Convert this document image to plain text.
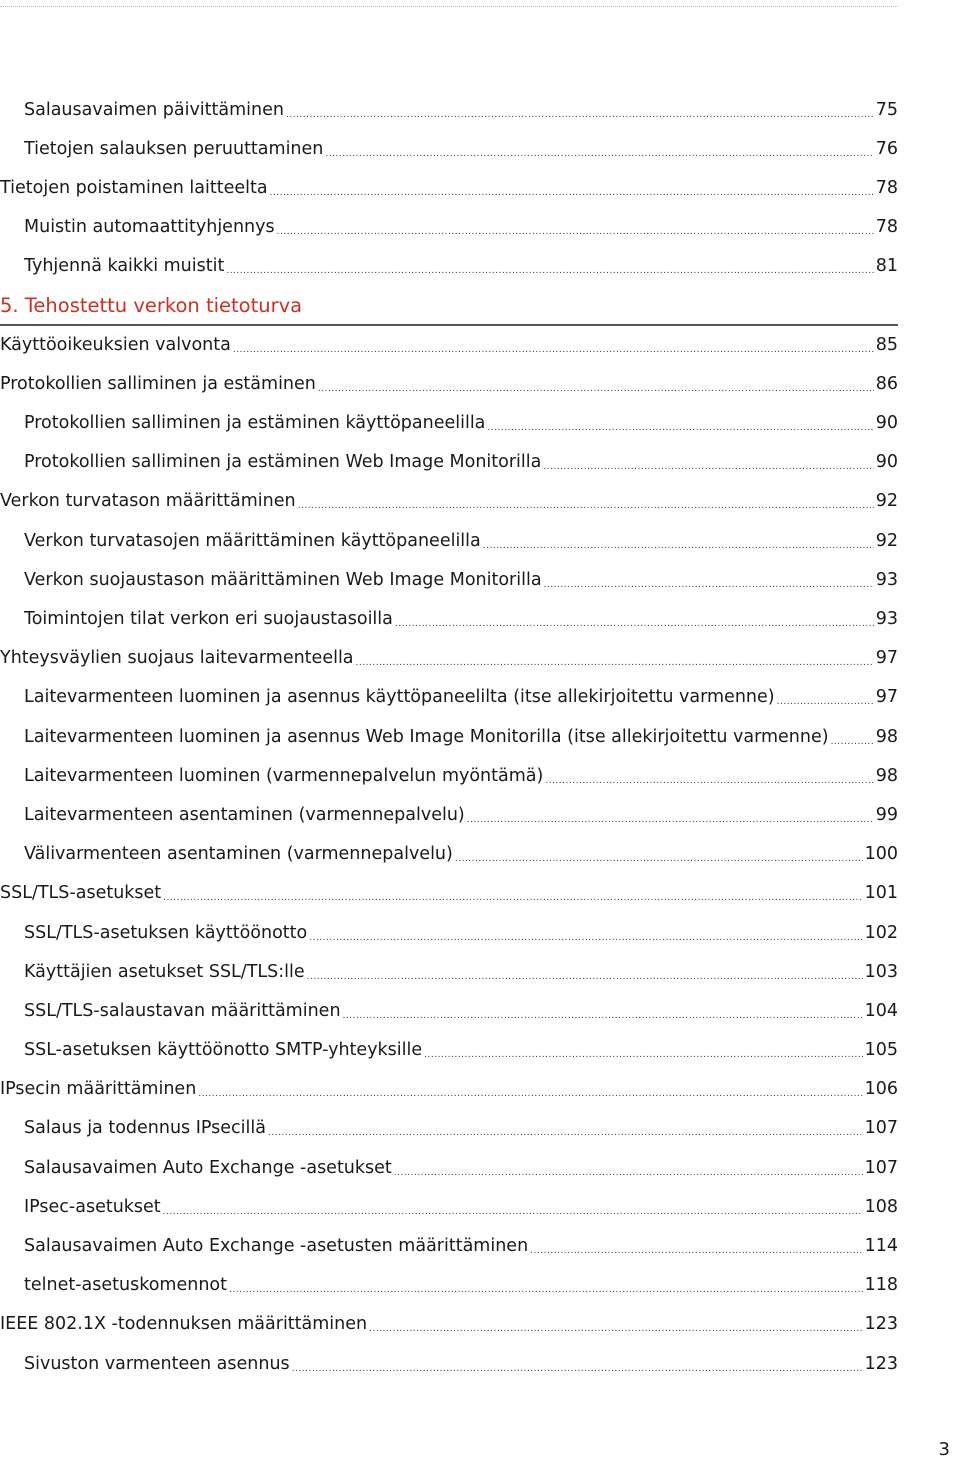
Salausavaimen päivittäminen .....	75
Tietojen salauksen peruuttaminen .....	76
Tietojen poistaminen laitteelta .....	78
Muistin automaattityhjennys .....	78
Tyhjennä kaikki muistit .....	81
5. Tehostettu verkon tietoturva
Käyttöoikeuksien valvonta .....	85
Protokollien salliminen ja estäminen .....	86
Protokollien salliminen ja estäminen käyttöpaneelilla .....	90
Protokollien salliminen ja estäminen Web Image Monitorilla .....	90
Verkon turvatason määrittäminen .....	92
Verkon turvatasojen määrittäminen käyttöpaneelilla .....	92
Verkon suojaustason määrittäminen Web Image Monitorilla .....	93
Toimintojen tilat verkon eri suojaustasoilla .....	93
Yhteysväylien suojaus laitevarmenteella .....	97
Laitevarmenteen luominen ja asennus käyttöpaneelilta (itse allekirjoitettu varmenne) .....	97
Laitevarmenteen luominen ja asennus Web Image Monitorilla (itse allekirjoitettu varmenne) .....	98
Laitevarmenteen luominen (varmennepalvelun myöntämä) .....	98
Laitevarmenteen asentaminen (varmennepalvelu) .....	99
Välivarmenteen asentaminen (varmennepalvelu) .....	100
SSL/TLS-asetukset .....	101
SSL/TLS-asetuksen käyttöönotto .....	102
Käyttäjien asetukset SSL/TLS:lle .....	103
SSL/TLS-salaustavan määrittäminen .....	104
SSL-asetuksen käyttöönotto SMTP-yhteyksille .....	105
IPsecin määrittäminen .....	106
Salaus ja todennus IPsecillä .....	107
Salausavaimen Auto Exchange -asetukset .....	107
IPsec-asetukset .....	108
Salausavaimen Auto Exchange -asetusten määrittäminen .....	114
telnet-asetuskomennot .....	118
IEEE 802.1X -todennuksen määrittäminen .....	123
Sivuston varmenteen asennus .....	123
3
